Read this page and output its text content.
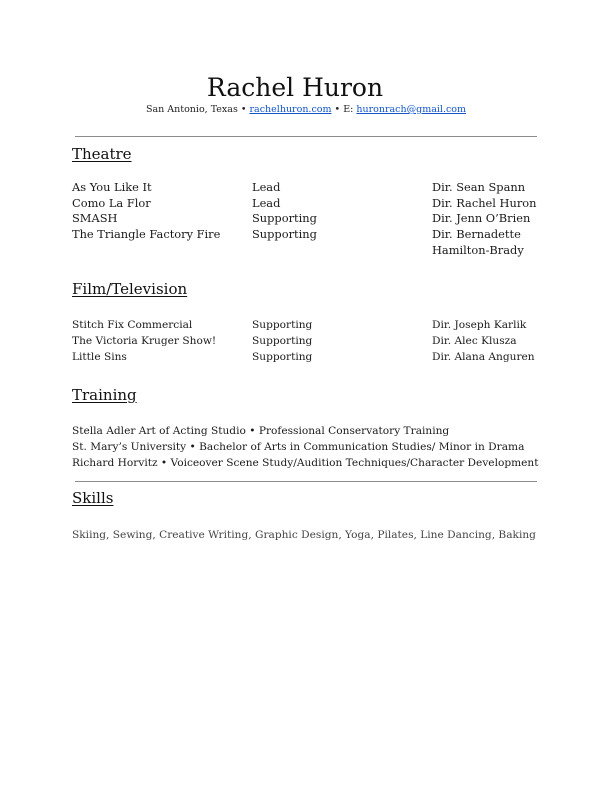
Rachel Huron
San Antonio, Texas • rachelhuron.com • E: huronrach@gmail.com
Theatre
As You Like It	Lead	Dir. Sean Spann
Como La Flor	Lead	Dir. Rachel Huron
SMASH	Supporting	Dir. Jenn O’Brien
The Triangle Factory Fire	Supporting	Dir. Bernadette
Hamilton-Brady
Film/Television
Stitch Fix Commercial	Supporting	Dir. Joseph Karlik
The Victoria Kruger Show!	Supporting	Dir. Alec Klusza
Little Sins	Supporting	Dir. Alana Anguren
Training
Stella Adler Art of Acting Studio • Professional Conservatory Training
St. Mary’s University • Bachelor of Arts in Communication Studies/ Minor in Drama
Richard Horvitz • Voiceover Scene Study/Audition Techniques/Character Development
Skills
Skiing, Sewing, Creative Writing, Graphic Design, Yoga, Pilates, Line Dancing, Baking
